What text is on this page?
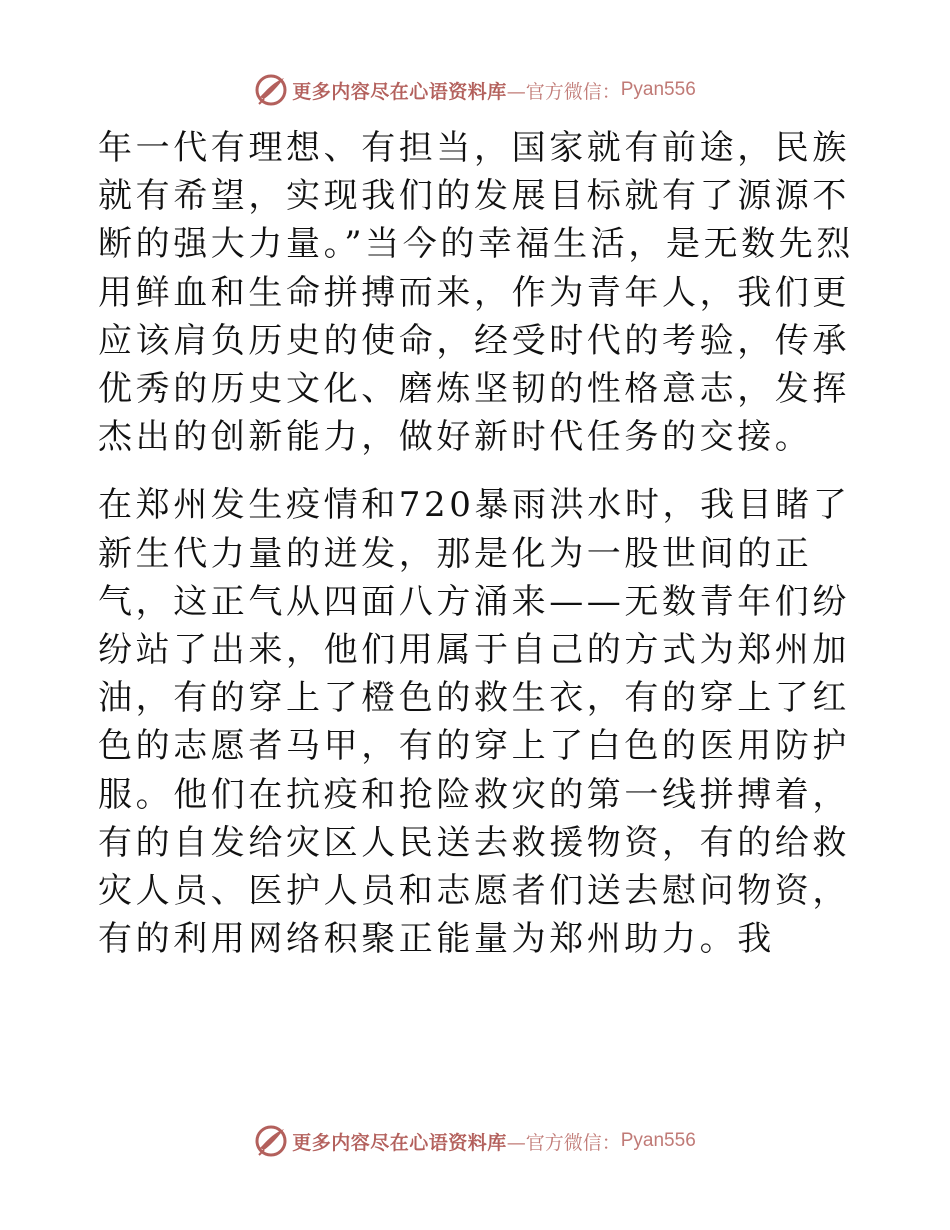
更多内容尽在心语资料库 —官方微信： Pyan556

年一代有理想、有担当，国家就有前途，民族就有希望，实现我们的发展目标就有了源源不断的强大力量。”当今的幸福生活，是无数先烈用鲜血和生命拼搏而来，作为青年人，我们更应该肩负历史的使命，经受时代的考验，传承优秀的历史文化、磨炼坚韧的性格意志，发挥杰出的创新能力，做好新时代任务的交接。

在郑州发生疫情和720暴雨洪水时，我目睹了新生代力量的迸发，那是化为一股世间的正气，这正气从四面八方涌来——无数青年们纷纷站了出来，他们用属于自己的方式为郑州加油，有的穿上了橙色的救生衣，有的穿上了红色的志愿者马甲，有的穿上了白色的医用防护服。他们在抗疫和抢险救灾的第一线拼搏着，有的自发给灾区人民送去救援物资，有的给救灾人员、医护人员和志愿者们送去慰问物资，有的利用网络积聚正能量为郑州助力。我

更多内容尽在心语资料库 —官方微信： Pyan556
